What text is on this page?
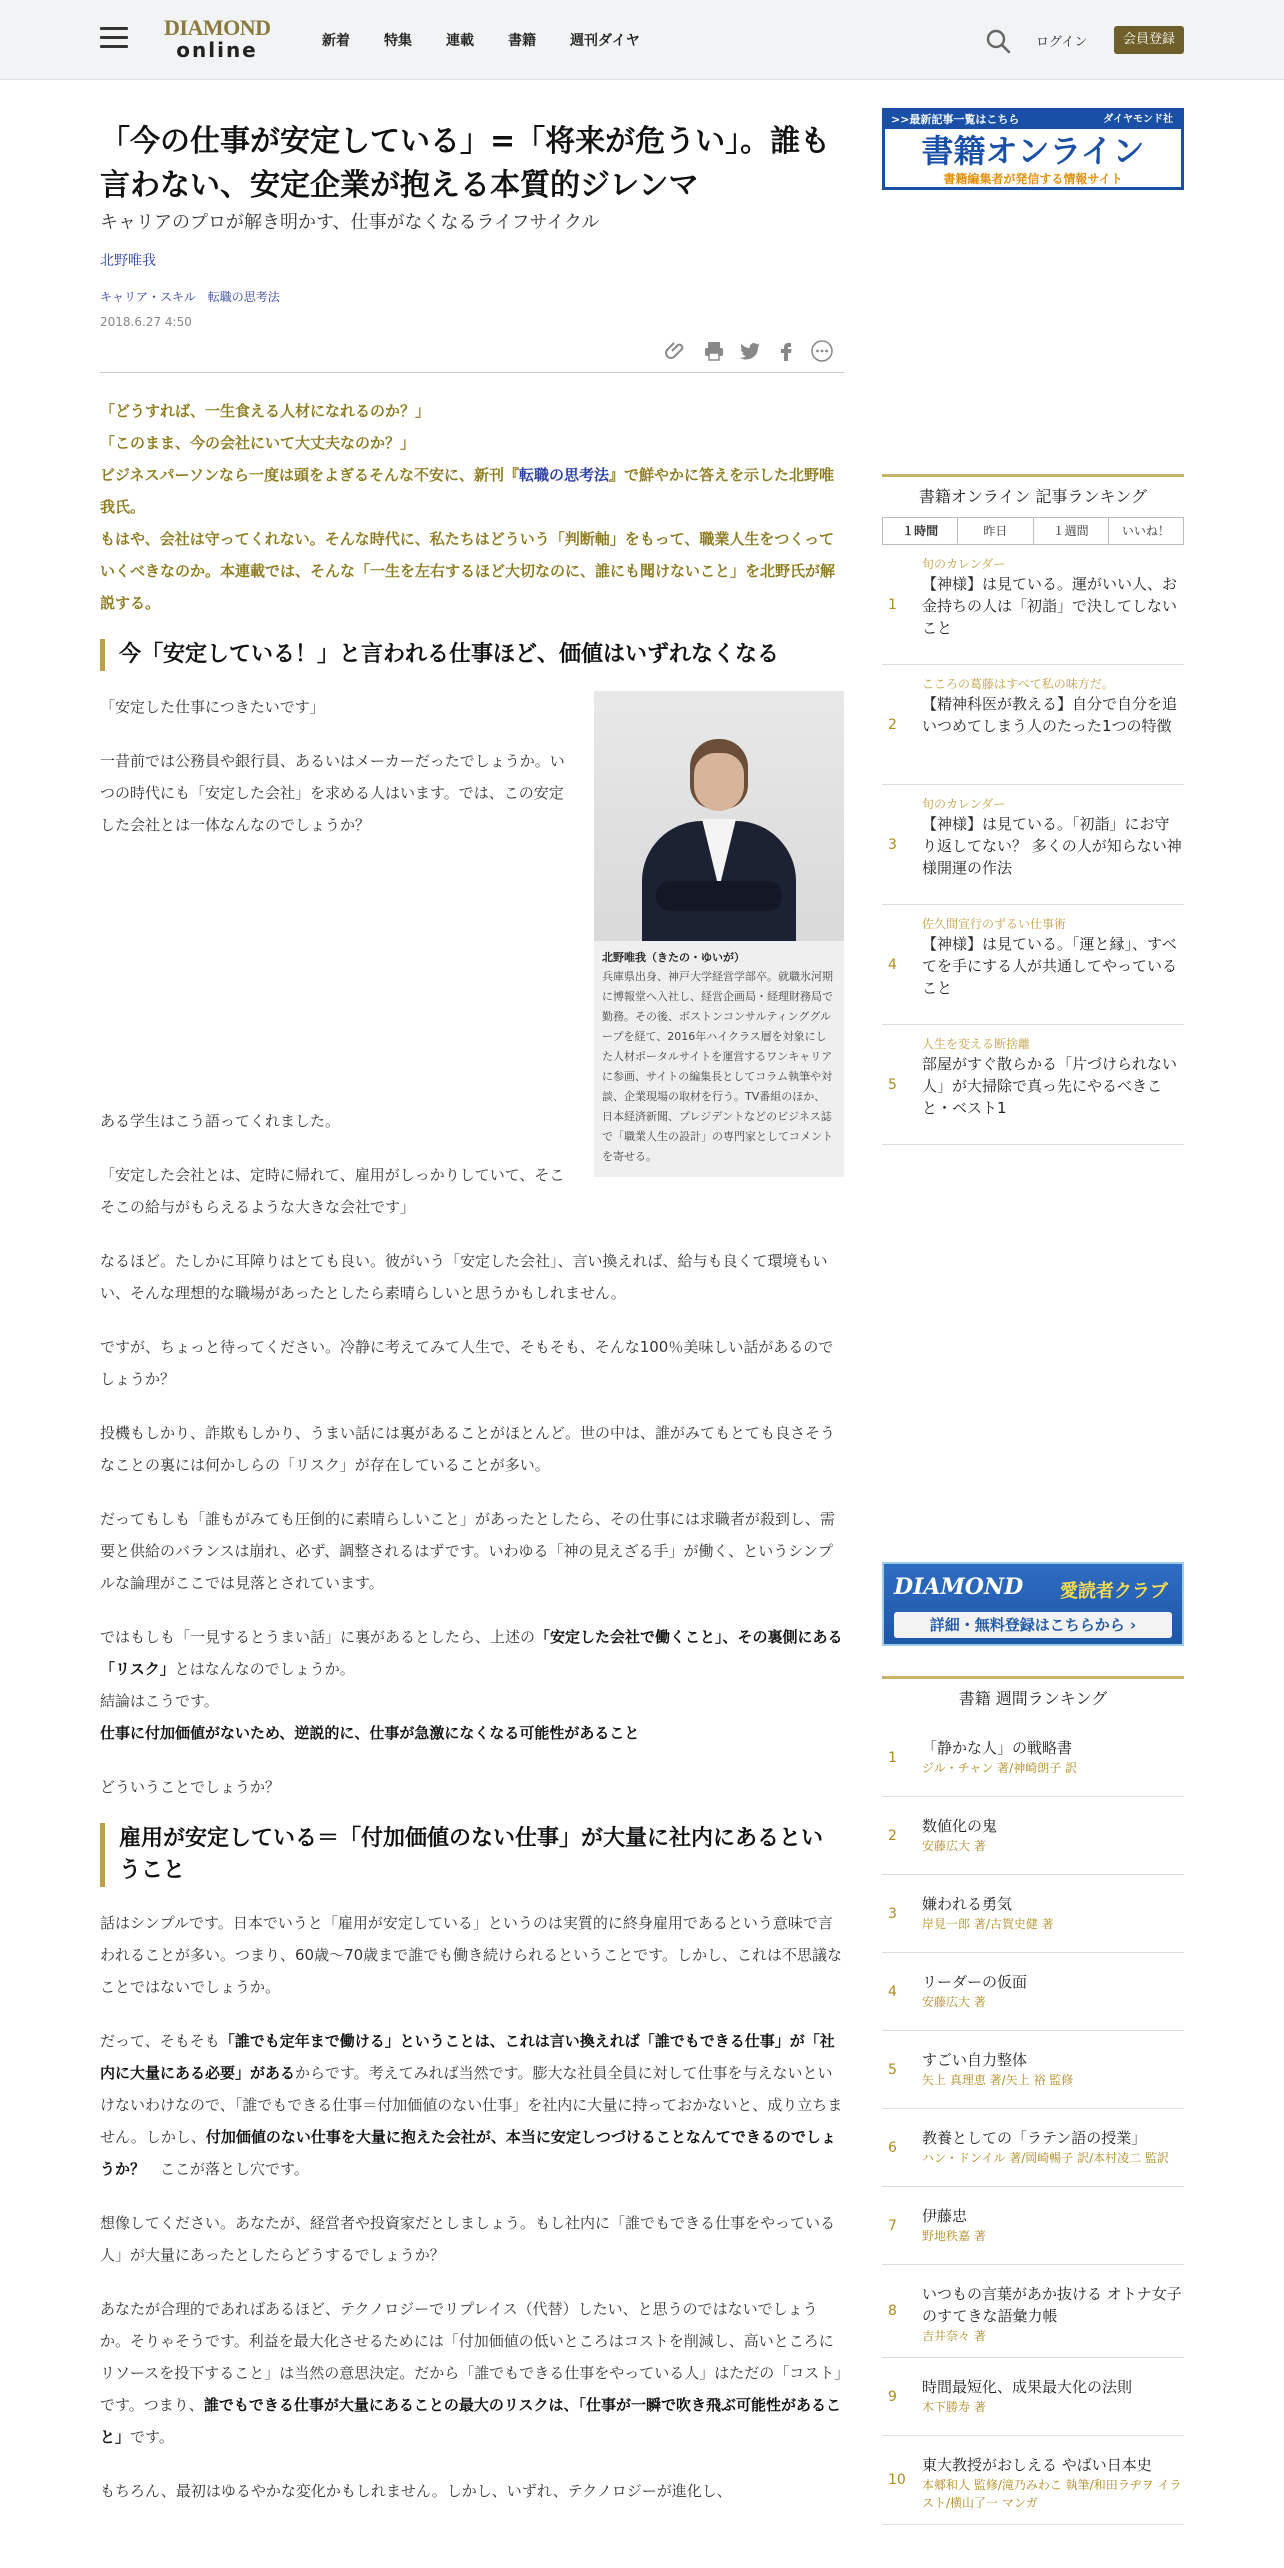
DIAMOND
online	新着 特集 連載 書籍 週刊ダイヤ	ログイン	会員登録
「今の仕事が安定している」=「将来が危うい」。誰も言わない、安定企業が抱える本質的ジレンマ
キャリアのプロが解き明かす、仕事がなくなるライフサイクル
北野唯我
キャリア・スキル 転職の思考法
2018.6.27 4:50
「どうすれば、一生食える人材になれるのか？」
「このまま、今の会社にいて大丈夫なのか？」
ビジネスパーソンなら一度は頭をよぎるそんな不安に、新刊『転職の思考法』で鮮やかに答えを示した北野唯我氏。
もはや、会社は守ってくれない。そんな時代に、私たちはどういう「判断軸」をもって、職業人生をつくっていくべきなのか。本連載では、そんな「一生を左右するほど大切なのに、誰にも聞けないこと」を北野氏が解説する。
今「安定している！」と言われる仕事ほど、価値はいずれなくなる
北野唯我（きたの・ゆいが）
兵庫県出身、神戸大学経営学部卒。就職氷河期に博報堂へ入社し、経営企画局・経理財務局で勤務。その後、ボストンコンサルティンググループを経て、2016年ハイクラス層を対象にした人材ポータルサイトを運営するワンキャリアに参画、サイトの編集長としてコラム執筆や対談、企業現場の取材を行う。TV番組のほか、日本経済新聞、プレジデントなどのビジネス誌で「職業人生の設計」の専門家としてコメントを寄せる。

「安定した仕事につきたいです」

一昔前では公務員や銀行員、あるいはメーカーだったでしょうか。いつの時代にも「安定した会社」を求める人はいます。では、この安定した会社とは一体なんなのでしょうか？

ある学生はこう語ってくれました。

「安定した会社とは、定時に帰れて、雇用がしっかりしていて、そこそこの給与がもらえるような大きな会社です」

なるほど。たしかに耳障りはとても良い。彼がいう「安定した会社」、言い換えれば、給与も良くて環境もいい、そんな理想的な職場があったとしたら素晴らしいと思うかもしれません。

ですが、ちょっと待ってください。冷静に考えてみて人生で、そもそも、そんな100％美味しい話があるのでしょうか？

投機もしかり、詐欺もしかり、うまい話には裏があることがほとんど。世の中は、誰がみてもとても良さそうなことの裏には何かしらの「リスク」が存在していることが多い。

だってもしも「誰もがみても圧倒的に素晴らしいこと」があったとしたら、その仕事には求職者が殺到し、需要と供給のバランスは崩れ、必ず、調整されるはずです。いわゆる「神の見えざる手」が働く、というシンプルな論理がここでは見落とされています。

ではもしも「一見するとうまい話」に裏があるとしたら、上述の「安定した会社で働くこと」、その裏側にある「リスク」とはなんなのでしょうか。

結論はこうです。

仕事に付加価値がないため、逆説的に、仕事が急激になくなる可能性があること

どういうことでしょうか？

雇用が安定している＝「付加価値のない仕事」が大量に社内にあるということ

話はシンプルです。日本でいうと「雇用が安定している」というのは実質的に終身雇用であるという意味で言われることが多い。つまり、60歳～70歳まで誰でも働き続けられるということです。しかし、これは不思議なことではないでしょうか。

だって、そもそも「誰でも定年まで働ける」ということは、これは言い換えれば「誰でもできる仕事」が「社内に大量にある必要」があるからです。考えてみれば当然です。膨大な社員全員に対して仕事を与えないといけないわけなので、「誰でもできる仕事＝付加価値のない仕事」を社内に大量に持っておかないと、成り立ちません。しかし、付加価値のない仕事を大量に抱えた会社が、本当に安定しつづけることなんてできるのでしょうか？　ここが落とし穴です。

想像してください。あなたが、経営者や投資家だとしましょう。もし社内に「誰でもできる仕事をやっている人」が大量にあったとしたらどうするでしょうか？

あなたが合理的であればあるほど、テクノロジーでリプレイス（代替）したい、と思うのではないでしょうか。そりゃそうです。利益を最大化させるためには「付加価値の低いところはコストを削減し、高いところにリソースを投下すること」は当然の意思決定。だから「誰でもできる仕事をやっている人」はただの「コスト」です。つまり、誰でもできる仕事が大量にあることの最大のリスクは、「仕事が一瞬で吹き飛ぶ可能性があること」です。

もちろん、最初はゆるやかな変化かもしれません。しかし、いずれ、テクノロジーが進化し、

>>最新記事一覧はこちら	ダイヤモンド社
書籍オンライン
書籍編集者が発信する情報サイト
書籍オンライン 記事ランキング
１時間	昨日	１週間	いいね！
1
旬のカレンダー
【神様】は見ている。運がいい人、お金持ちの人は「初詣」で決してしないこと
2
こころの葛藤はすべて私の味方だ。
【精神科医が教える】自分で自分を追いつめてしまう人のたった1つの特徴
3
旬のカレンダー
【神様】は見ている。「初詣」にお守り返してない？ 多くの人が知らない神様開運の作法
4
佐久間宣行のずるい仕事術
【神様】は見ている。「運と縁」、すべてを手にする人が共通してやっていること
5
人生を変える断捨離
部屋がすぐ散らかる「片づけられない人」が大掃除で真っ先にやるべきこと・ベスト1
DIAMOND 愛読者クラブ
詳細・無料登録はこちらから ›
書籍 週間ランキング
1
「静かな人」の戦略書
ジル・チャン 著/神崎朗子 訳
2
数値化の鬼
安藤広大 著
3
嫌われる勇気
岸見一郎 著/古賀史健 著
4
リーダーの仮面
安藤広大 著
5
すごい自力整体
矢上 真理恵 著/矢上 裕 監修
6
教養としての「ラテン語の授業」
ハン・ドンイル 著/岡崎暢子 訳/本村凌二 監訳
7
伊藤忠
野地秩嘉 著
8
いつもの言葉があか抜ける オトナ女子のすてきな語彙力帳
吉井奈々 著
9
時間最短化、成果最大化の法則
木下勝寿 著
10
東大教授がおしえる やばい日本史
本郷和人 監修/滝乃みわこ 執筆/和田ラヂヲ イラスト/横山了一 マンガ
